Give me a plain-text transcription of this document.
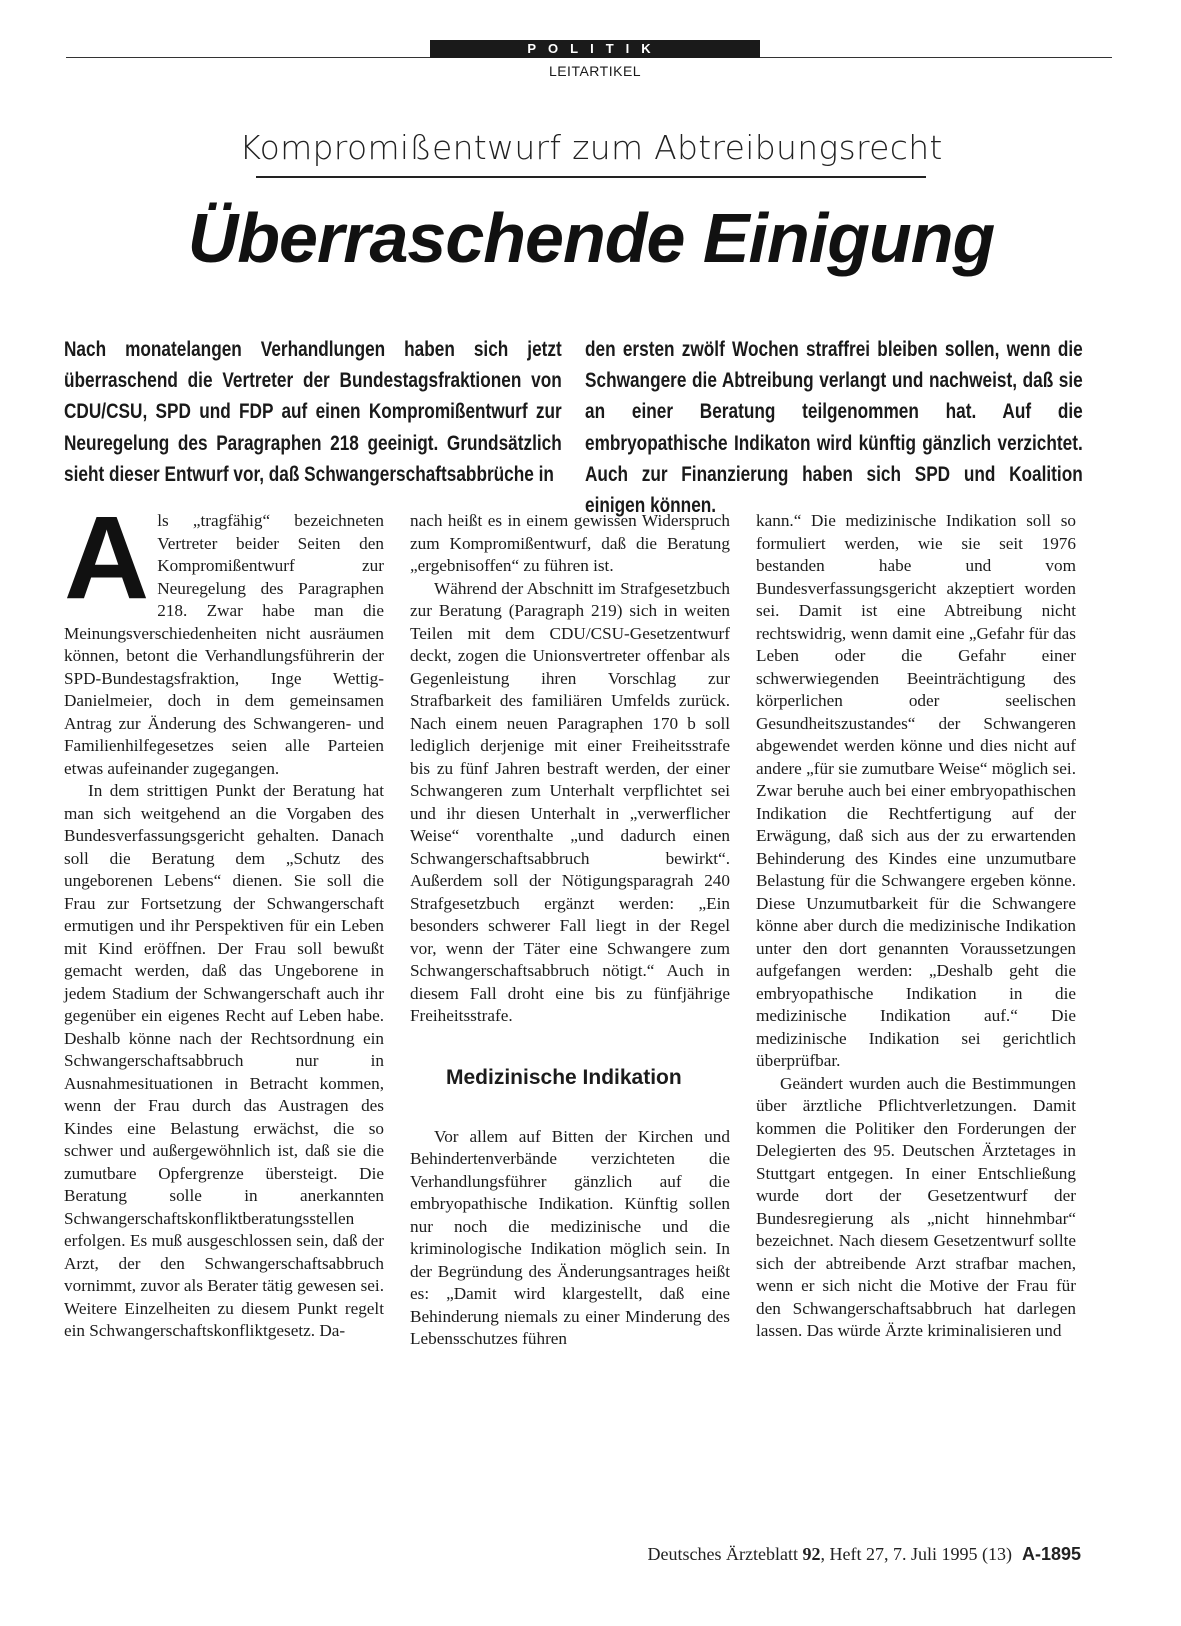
POLITIK
LEITARTIKEL
Kompromißentwurf zum Abtreibungsrecht
Überraschende Einigung
Nach monatelangen Verhandlungen haben sich jetzt überraschend die Vertreter der Bundestagsfraktionen von CDU/CSU, SPD und FDP auf einen Kompromißentwurf zur Neuregelung des Paragraphen 218 geeinigt. Grundsätzlich sieht dieser Entwurf vor, daß Schwangerschaftsabbrüche in
den ersten zwölf Wochen straffrei bleiben sollen, wenn die Schwangere die Abtreibung verlangt und nachweist, daß sie an einer Beratung teilgenommen hat. Auf die embryopathische Indikaton wird künftig gänzlich verzichtet. Auch zur Finanzierung haben sich SPD und Koalition einigen können.

Als „tragfähig“ bezeichneten Vertreter beider Seiten den Kompromißentwurf zur Neuregelung des Paragraphen 218. Zwar habe man die Meinungsverschiedenheiten nicht ausräumen können, betont die Verhandlungsführerin der SPD-Bundestagsfraktion, Inge Wettig-Danielmeier, doch in dem gemeinsamen Antrag zur Änderung des Schwangeren- und Familienhilfegesetzes seien alle Parteien etwas aufeinander zugegangen.

In dem strittigen Punkt der Beratung hat man sich weitgehend an die Vorgaben des Bundesverfassungsgericht gehalten. Danach soll die Beratung dem „Schutz des ungeborenen Lebens“ dienen. Sie soll die Frau zur Fortsetzung der Schwangerschaft ermutigen und ihr Perspektiven für ein Leben mit Kind eröffnen. Der Frau soll bewußt gemacht werden, daß das Ungeborene in jedem Stadium der Schwangerschaft auch ihr gegenüber ein eigenes Recht auf Leben habe. Deshalb könne nach der Rechtsordnung ein Schwangerschaftsabbruch nur in Ausnahmesituationen in Betracht kommen, wenn der Frau durch das Austragen des Kindes eine Belastung erwächst, die so schwer und außergewöhnlich ist, daß sie die zumutbare Opfergrenze übersteigt. Die Beratung solle in anerkannten Schwangerschaftskonfliktberatungsstellen erfolgen. Es muß ausgeschlossen sein, daß der Arzt, der den Schwangerschaftsabbruch vornimmt, zuvor als Berater tätig gewesen sei. Weitere Einzelheiten zu diesem Punkt regelt ein Schwangerschaftskonfliktgesetz. Da-

nach heißt es in einem gewissen Widerspruch zum Kompromißentwurf, daß die Beratung „ergebnisoffen“ zu führen ist.

Während der Abschnitt im Strafgesetzbuch zur Beratung (Paragraph 219) sich in weiten Teilen mit dem CDU/CSU-Gesetzentwurf deckt, zogen die Unionsvertreter offenbar als Gegenleistung ihren Vorschlag zur Strafbarkeit des familiären Umfelds zurück. Nach einem neuen Paragraphen 170 b soll lediglich derjenige mit einer Freiheitsstrafe bis zu fünf Jahren bestraft werden, der einer Schwangeren zum Unterhalt verpflichtet sei und ihr diesen Unterhalt in „verwerflicher Weise“ vorenthalte „und dadurch einen Schwangerschaftsabbruch bewirkt“. Außerdem soll der Nötigungsparagrah 240 Strafgesetzbuch ergänzt werden: „Ein besonders schwerer Fall liegt in der Regel vor, wenn der Täter eine Schwangere zum Schwangerschaftsabbruch nötigt.“ Auch in diesem Fall droht eine bis zu fünfjährige Freiheitsstrafe.

Medizinische Indikation

Vor allem auf Bitten der Kirchen und Behindertenverbände verzichteten die Verhandlungsführer gänzlich auf die embryopathische Indikation. Künftig sollen nur noch die medizinische und die kriminologische Indikation möglich sein. In der Begründung des Änderungsantrages heißt es: „Damit wird klargestellt, daß eine Behinderung niemals zu einer Minderung des Lebensschutzes führen

kann.“ Die medizinische Indikation soll so formuliert werden, wie sie seit 1976 bestanden habe und vom Bundesverfassungsgericht akzeptiert worden sei. Damit ist eine Abtreibung nicht rechtswidrig, wenn damit eine „Gefahr für das Leben oder die Gefahr einer schwerwiegenden Beeinträchtigung des körperlichen oder seelischen Gesundheitszustandes“ der Schwangeren abgewendet werden könne und dies nicht auf andere „für sie zumutbare Weise“ möglich sei. Zwar beruhe auch bei einer embryopathischen Indikation die Rechtfertigung auf der Erwägung, daß sich aus der zu erwartenden Behinderung des Kindes eine unzumutbare Belastung für die Schwangere ergeben könne. Diese Unzumutbarkeit für die Schwangere könne aber durch die medizinische Indikation unter den dort genannten Voraussetzungen aufgefangen werden: „Deshalb geht die embryopathische Indikation in die medizinische Indikation auf.“ Die medizinische Indikation sei gerichtlich überprüfbar.

Geändert wurden auch die Bestimmungen über ärztliche Pflichtverletzungen. Damit kommen die Politiker den Forderungen der Delegierten des 95. Deutschen Ärztetages in Stuttgart entgegen. In einer Entschließung wurde dort der Gesetzentwurf der Bundesregierung als „nicht hinnehmbar“ bezeichnet. Nach diesem Gesetzentwurf sollte sich der abtreibende Arzt strafbar machen, wenn er sich nicht die Motive der Frau für den Schwangerschaftsabbruch hat darlegen lassen. Das würde Ärzte kriminalisieren und

Deutsches Ärzteblatt 92, Heft 27, 7. Juli 1995 (13) A-1895
